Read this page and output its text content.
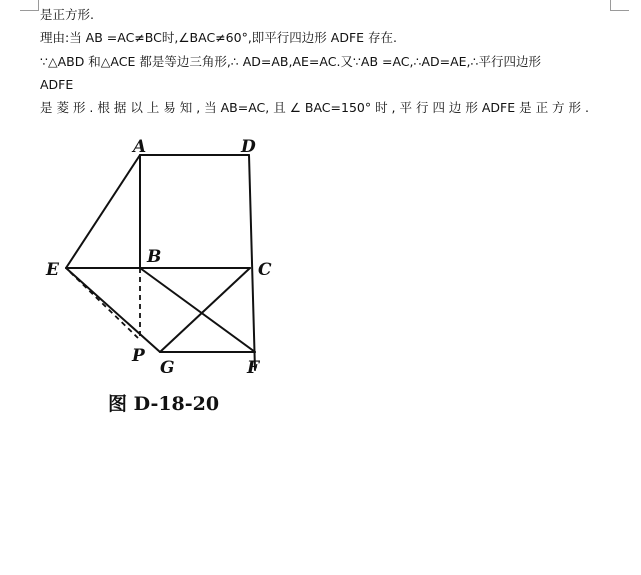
是正方形.
理由:当 AB =AC≠BC时,∠BAC≠60°,即平行四边形 ADFE 存在.
∵△ABD 和△ACE 都是等边三角形,∴ AD=AB,AE=AC.又∵AB =AC,∴AD=AE,∴平行四边形
ADFE
是 菱 形 . 根 据 以 上 易 知 , 当 AB=AC, 且 ∠ BAC=150° 时 , 平 行 四 边 形 ADFE 是 正 方 形 .
A	D
E
B
C
P
G	F
图 D-18-20
